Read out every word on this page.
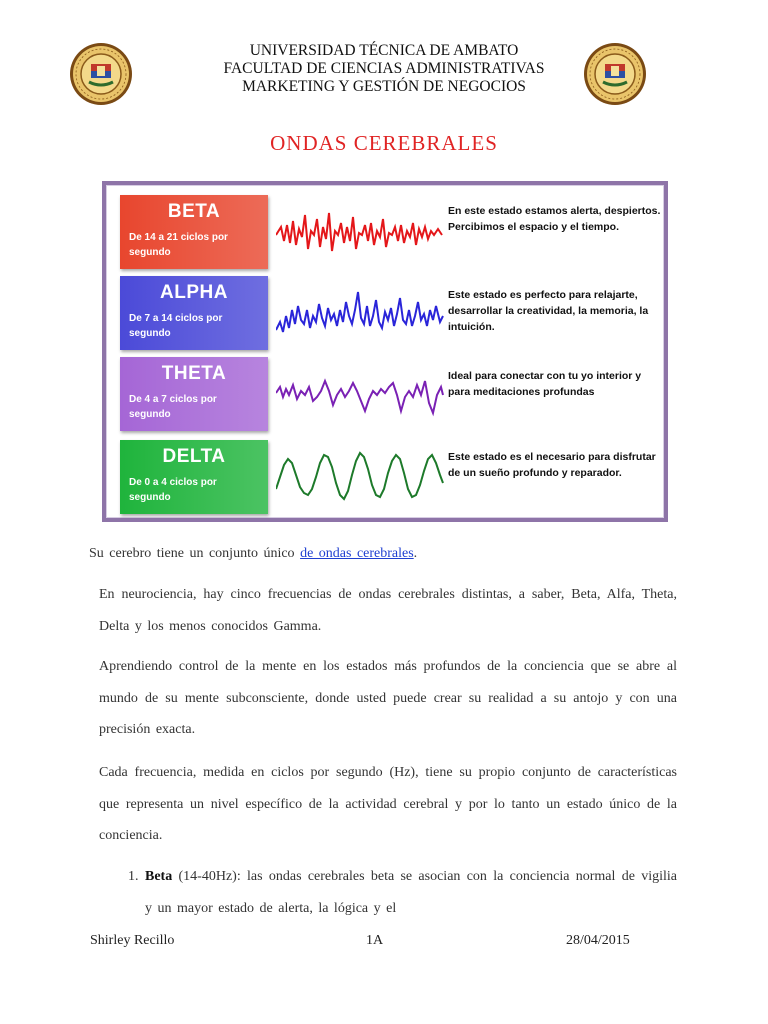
UNIVERSIDAD TÉCNICA DE AMBATO
FACULTAD DE CIENCIAS ADMINISTRATIVAS
MARKETING Y GESTIÓN DE NEGOCIOS
ONDAS CEREBRALES
BETA
De 14 a 21 ciclos por segundo
En este estado estamos alerta, despiertos. Percibimos el espacio y el tiempo.
ALPHA
De 7 a 14 ciclos por segundo
Este estado es perfecto para relajarte, desarrollar la creatividad, la memoria, la intuición.
THETA
De 4 a 7 ciclos por segundo
Ideal para conectar con tu yo interior y para meditaciones profundas
DELTA
De 0 a 4 ciclos por segundo
Este estado es el necesario para disfrutar de un sueño profundo y reparador.
Su cerebro tiene un conjunto único de ondas cerebrales.
En neurociencia, hay cinco frecuencias de ondas cerebrales distintas, a saber, Beta, Alfa, Theta, Delta y los menos conocidos Gamma.
Aprendiendo control de la mente en los estados más profundos de la conciencia que se abre al mundo de su mente subconsciente, donde usted puede crear su realidad a su antojo y con una precisión exacta.
Cada frecuencia, medida en ciclos por segundo (Hz), tiene su propio conjunto de características que representa un nivel específico de la actividad cerebral y por lo tanto un estado único de la conciencia.
1. Beta (14-40Hz): las ondas cerebrales beta se asocian con la conciencia normal de vigilia y un mayor estado de alerta, la lógica y el
Shirley Recillo	1A	28/04/2015
